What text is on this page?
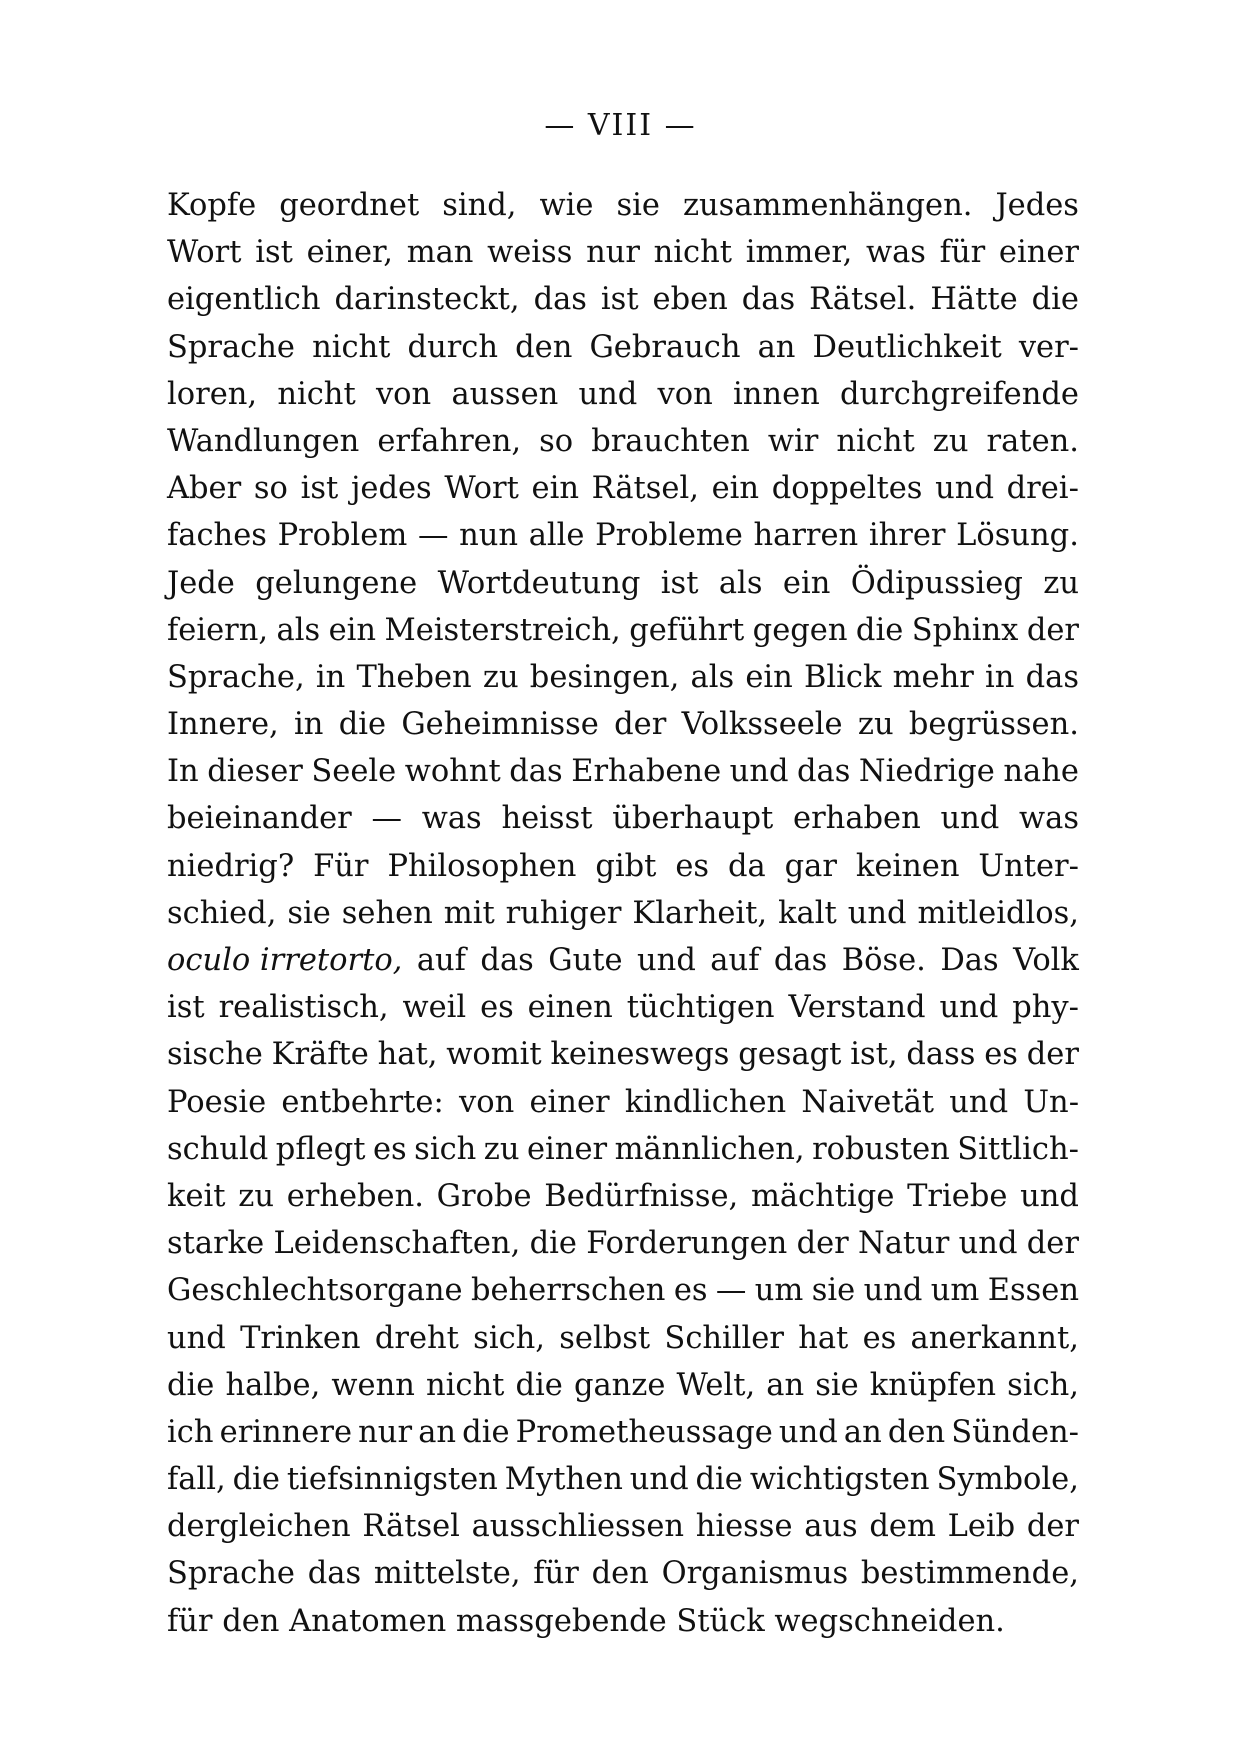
— VIII —
Kopfe geordnet sind, wie sie zusammenhängen. Jedes
Wort ist einer, man weiss nur nicht immer, was für einer
eigentlich darinsteckt, das ist eben das Rätsel. Hätte die
Sprache nicht durch den Gebrauch an Deutlichkeit ver-
loren, nicht von aussen und von innen durchgreifende
Wandlungen erfahren, so brauchten wir nicht zu raten.
Aber so ist jedes Wort ein Rätsel, ein doppeltes und drei-
faches Problem — nun alle Probleme harren ihrer Lösung.
Jede gelungene Wortdeutung ist als ein Ödipussieg zu
feiern, als ein Meisterstreich, geführt gegen die Sphinx der
Sprache, in Theben zu besingen, als ein Blick mehr in das
Innere, in die Geheimnisse der Volksseele zu begrüssen.
In dieser Seele wohnt das Erhabene und das Niedrige nahe
beieinander — was heisst überhaupt erhaben und was
niedrig? Für Philosophen gibt es da gar keinen Unter-
schied, sie sehen mit ruhiger Klarheit, kalt und mitleidlos,
oculo irretorto, auf das Gute und auf das Böse. Das Volk
ist realistisch, weil es einen tüchtigen Verstand und phy-
sische Kräfte hat, womit keineswegs gesagt ist, dass es der
Poesie entbehrte: von einer kindlichen Naivetät und Un-
schuld pflegt es sich zu einer männlichen, robusten Sittlich-
keit zu erheben. Grobe Bedürfnisse, mächtige Triebe und
starke Leidenschaften, die Forderungen der Natur und der
Geschlechtsorgane beherrschen es — um sie und um Essen
und Trinken dreht sich, selbst Schiller hat es anerkannt,
die halbe, wenn nicht die ganze Welt, an sie knüpfen sich,
ich erinnere nur an die Prometheussage und an den Sünden-
fall, die tiefsinnigsten Mythen und die wichtigsten Symbole,
dergleichen Rätsel ausschliessen hiesse aus dem Leib der
Sprache das mittelste, für den Organismus bestimmende,
für den Anatomen massgebende Stück wegschneiden.
